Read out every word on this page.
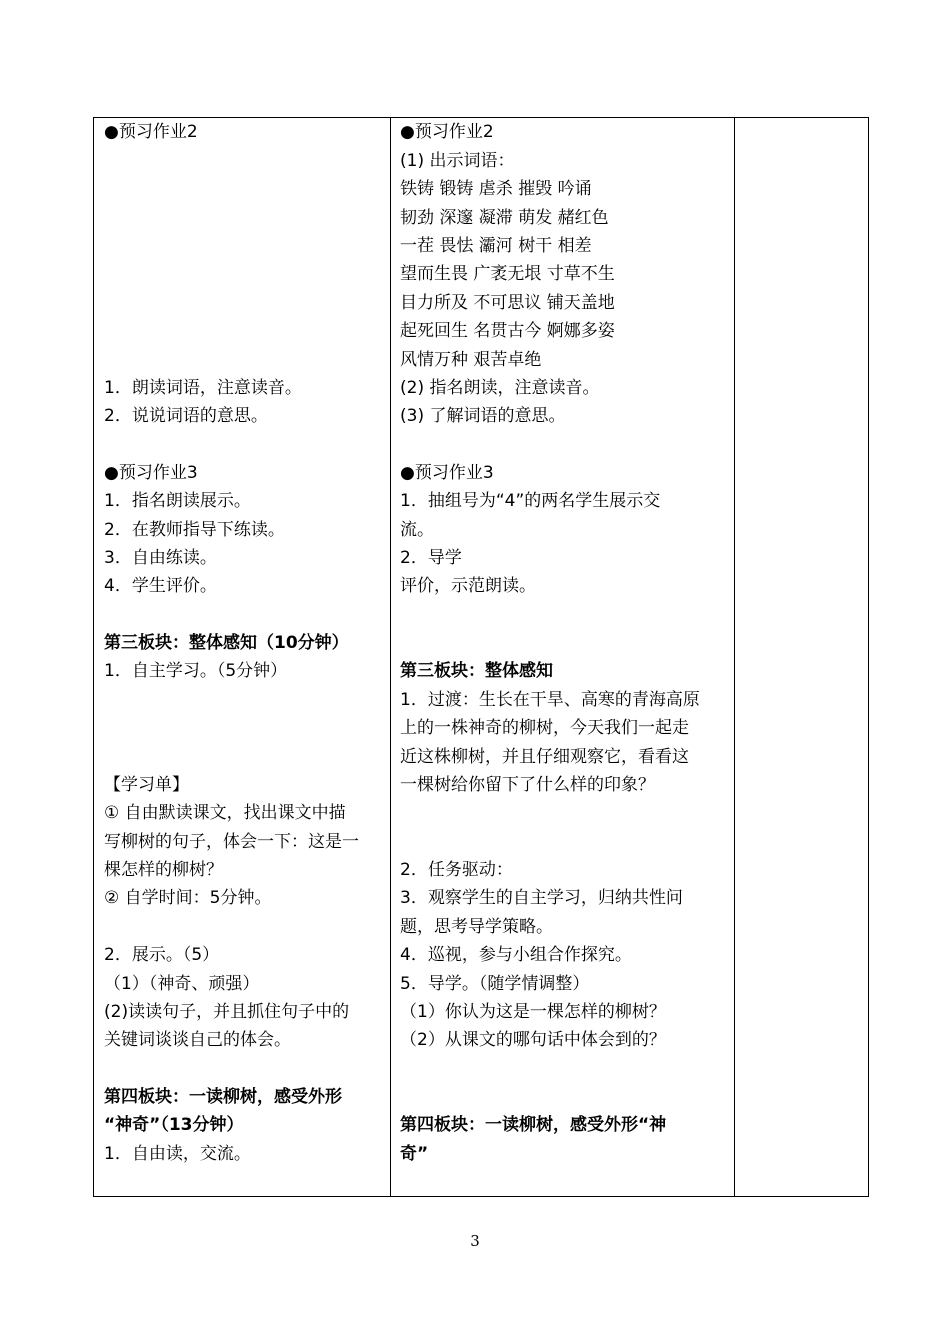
●预习作业2
1．朗读词语，注意读音。
2．说说词语的意思。
●预习作业3
1．指名朗读展示。
2．在教师指导下练读。
3．自由练读。
4．学生评价。
第三板块：整体感知（10分钟）
1．自主学习。（5分钟）
【学习单】
① 自由默读课文，找出课文中描
写柳树的句子，体会一下：这是一
棵怎样的柳树？
② 自学时间：5分钟。
2．展示。（5）
（1）（神奇、顽强）
(2)读读句子，并且抓住句子中的
关键词谈谈自己的体会。
第四板块：一读柳树，感受外形
“神奇”（13分钟）
1．自由读，交流。
●预习作业2
(1) 出示词语：
铁铸 锻铸 虐杀 摧毁 吟诵
韧劲 深邃 凝滞 萌发 赭红色
一茬 畏怯 灞河 树干 相差
望而生畏 广袤无垠 寸草不生
目力所及 不可思议 铺天盖地
起死回生 名贯古今 婀娜多姿
风情万种 艰苦卓绝
(2) 指名朗读，注意读音。
(3) 了解词语的意思。
●预习作业3
1．抽组号为“4”的两名学生展示交
流。
2．导学
评价，示范朗读。
第三板块：整体感知
1．过渡：生长在干旱、高寒的青海高原
上的一株神奇的柳树，今天我们一起走
近这株柳树，并且仔细观察它，看看这
一棵树给你留下了什么样的印象？
2．任务驱动：
3．观察学生的自主学习，归纳共性问
题，思考导学策略。
4．巡视，参与小组合作探究。
5．导学。（随学情调整）
（1）你认为这是一棵怎样的柳树？
（2）从课文的哪句话中体会到的？
第四板块：一读柳树，感受外形“神
奇”
3
